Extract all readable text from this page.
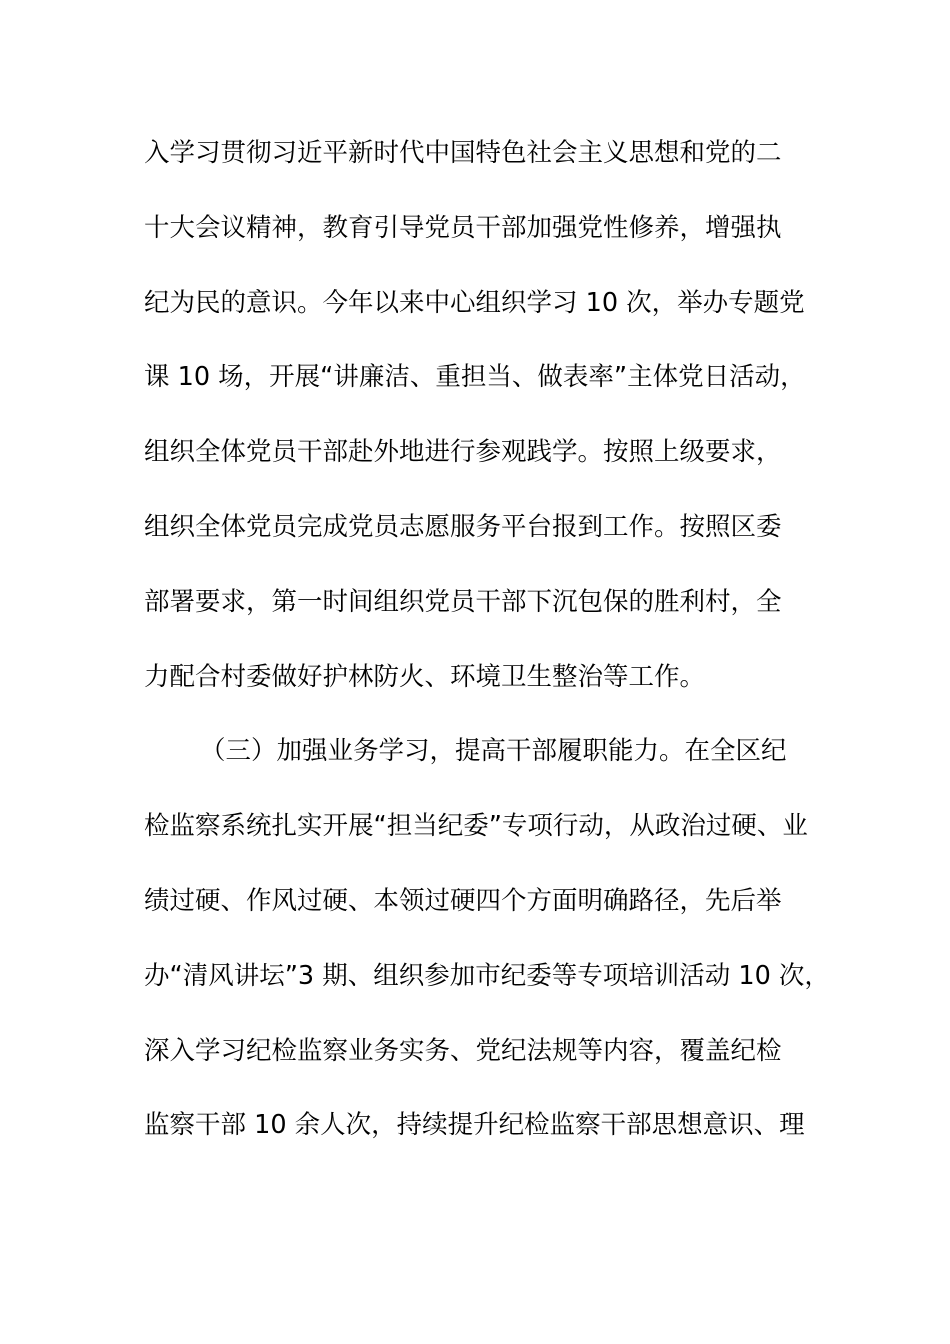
入学习贯彻习近平新时代中国特色社会主义思想和党的二
十大会议精神，教育引导党员干部加强党性修养，增强执
纪为民的意识。今年以来中心组织学习 10 次，举办专题党
课 10 场，开展“讲廉洁、重担当、做表率”主体党日活动，
组织全体党员干部赴外地进行参观践学。按照上级要求，
组织全体党员完成党员志愿服务平台报到工作。按照区委
部署要求，第一时间组织党员干部下沉包保的胜利村，全
力配合村委做好护林防火、环境卫生整治等工作。
（三）加强业务学习，提高干部履职能力。在全区纪
检监察系统扎实开展“担当纪委”专项行动，从政治过硬、业
绩过硬、作风过硬、本领过硬四个方面明确路径，先后举
办“清风讲坛”3 期、组织参加市纪委等专项培训活动 10 次，
深入学习纪检监察业务实务、党纪法规等内容，覆盖纪检
监察干部 10 余人次，持续提升纪检监察干部思想意识、理
